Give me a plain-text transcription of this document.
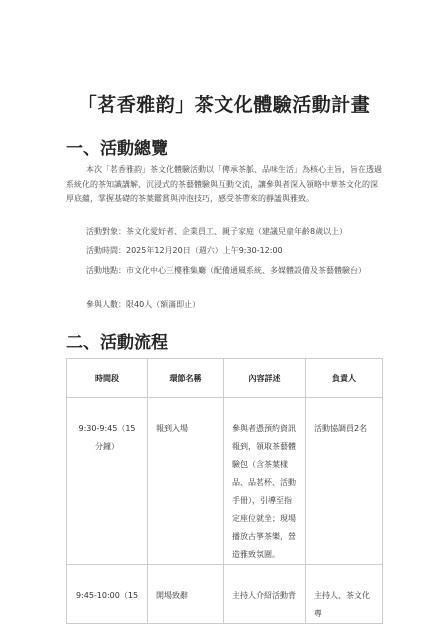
「茗香雅韵」茶文化體驗活動計畫
一、活動總覽
本次「茗香雅韵」茶文化體驗活動以「傳承茶脈、品味生活」為核心主旨，旨在透過系統化的茶知識講解、沉浸式的茶藝體驗與互動交流，讓參與者深入領略中華茶文化的深厚底蘊，掌握基礎的茶葉鑑賞與沖泡技巧，感受茶帶來的靜謐與雅致。
活動對象：茶文化愛好者、企業員工、親子家庭（建議兒童年齡8歲以上）
活動時間：2025年12月20日（週六）上午9:30-12:00
活動地點：市文化中心三樓雅集廳（配備通風系統、多媒體設備及茶藝體驗台）
參與人數：限40人（額滿即止）
二、活動流程
時間段	環節名稱	內容詳述	負責人
9:30-9:45（15分鐘）	報到入場	參與者憑預約資訊報到，領取茶藝體驗包（含茶葉樣品、品茗杯、活動手冊），引導至指定座位就坐；現場播放古箏茶樂，營造雅致氛圍。	活動協調員2名
9:45-10:00（15	開場致辭	主持人介紹活動背	主持人、茶文化專
